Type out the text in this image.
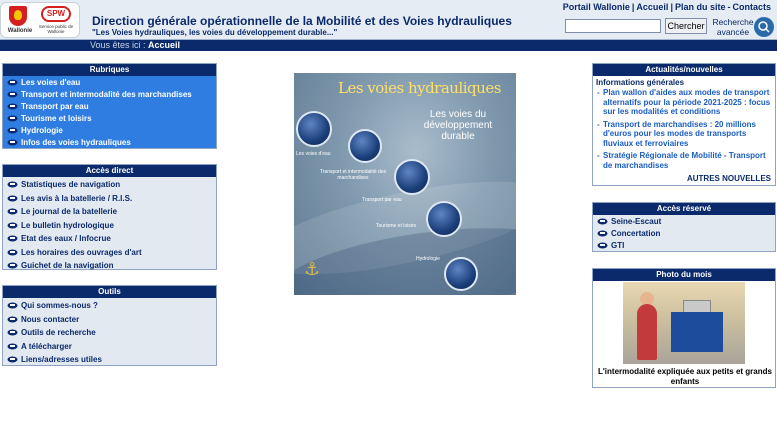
Wallonie
SPW
Service public de Wallonie
Direction générale opérationnelle de la Mobilité et des Voies hydrauliques
"Les Voies hydrauliques, les voies du développement durable..."
Portail Wallonie | Accueil | Plan du site - Contacts
Chercher Recherche avancée
Vous êtes ici : Accueil
Rubriques
Les voies d'eau
Transport et intermodalité des marchandises
Transport par eau
Tourisme et loisirs
Hydrologie
Infos des voies hydrauliques
Accès direct
Statistiques de navigation
Les avis à la batellerie / R.I.S.
Le journal de la batellerie
Le bulletin hydrologique
Etat des eaux / Infocrue
Les horaires des ouvrages d'art
Guichet de la navigation
Outils
Qui sommes-nous ?
Nous contacter
Outils de recherche
A télécharger
Liens/adresses utiles
Les voies hydrauliques
Les voies du développement durable
Les voies d'eau
Transport et intermodalité des marchandises
Transport par eau
Tourisme et loisirs
Hydrologie
⚓
Actualités/nouvelles
Informations générales
- Plan wallon d'aides aux modes de transport alternatifs pour la période 2021-2025 : focus sur les modalités et conditions
- Transport de marchandises : 20 millions d'euros pour les modes de transports fluviaux et ferroviaires
- Stratégie Régionale de Mobilité - Transport de marchandises
AUTRES NOUVELLES
Accès réservé
Seine-Escaut
Concertation
GTI
Photo du mois
L'intermodalité expliquée aux petits et grands enfants
